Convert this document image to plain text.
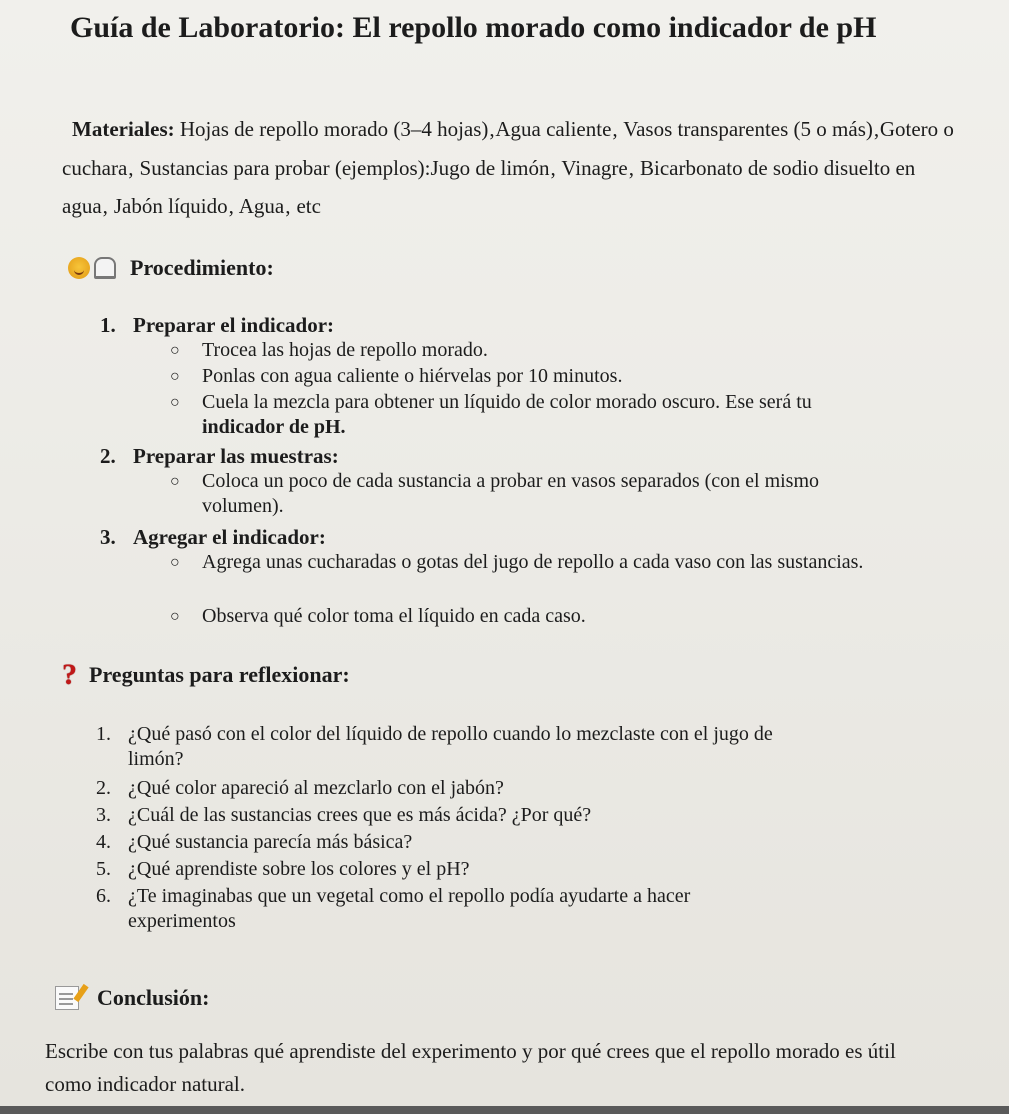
Guía de Laboratorio: El repollo morado como indicador de pH

Materiales: Hojas de repollo morado (3–4 hojas)‚Agua caliente‚ Vasos transparentes (5 o más)‚Gotero o cuchara‚ Sustancias para probar (ejemplos):Jugo de limón‚ Vinagre‚ Bicarbonato de sodio disuelto en agua‚ Jabón líquido‚ Agua‚ etc

Procedimiento:
1. Preparar el indicador:
○ Trocea las hojas de repollo morado.
○ Ponlas con agua caliente o hiérvelas por 10 minutos.
○ Cuela la mezcla para obtener un líquido de color morado oscuro. Ese será tu
indicador de pH.
2. Preparar las muestras:
○ Coloca un poco de cada sustancia a probar en vasos separados (con el mismo volumen).
3. Agregar el indicador:
○ Agrega unas cucharadas o gotas del jugo de repollo a cada vaso con las sustancias.
○ Observa qué color toma el líquido en cada caso.
? Preguntas para reflexionar:
1. ¿Qué pasó con el color del líquido de repollo cuando lo mezclaste con el jugo de
limón?
2. ¿Qué color apareció al mezclarlo con el jabón?
3. ¿Cuál de las sustancias crees que es más ácida? ¿Por qué?
4. ¿Qué sustancia parecía más básica?
5. ¿Qué aprendiste sobre los colores y el pH?
6. ¿Te imaginabas que un vegetal como el repollo podía ayudarte a hacer
experimentos
Conclusión:

Escribe con tus palabras qué aprendiste del experimento y por qué crees que el repollo morado es útil como indicador natural.
